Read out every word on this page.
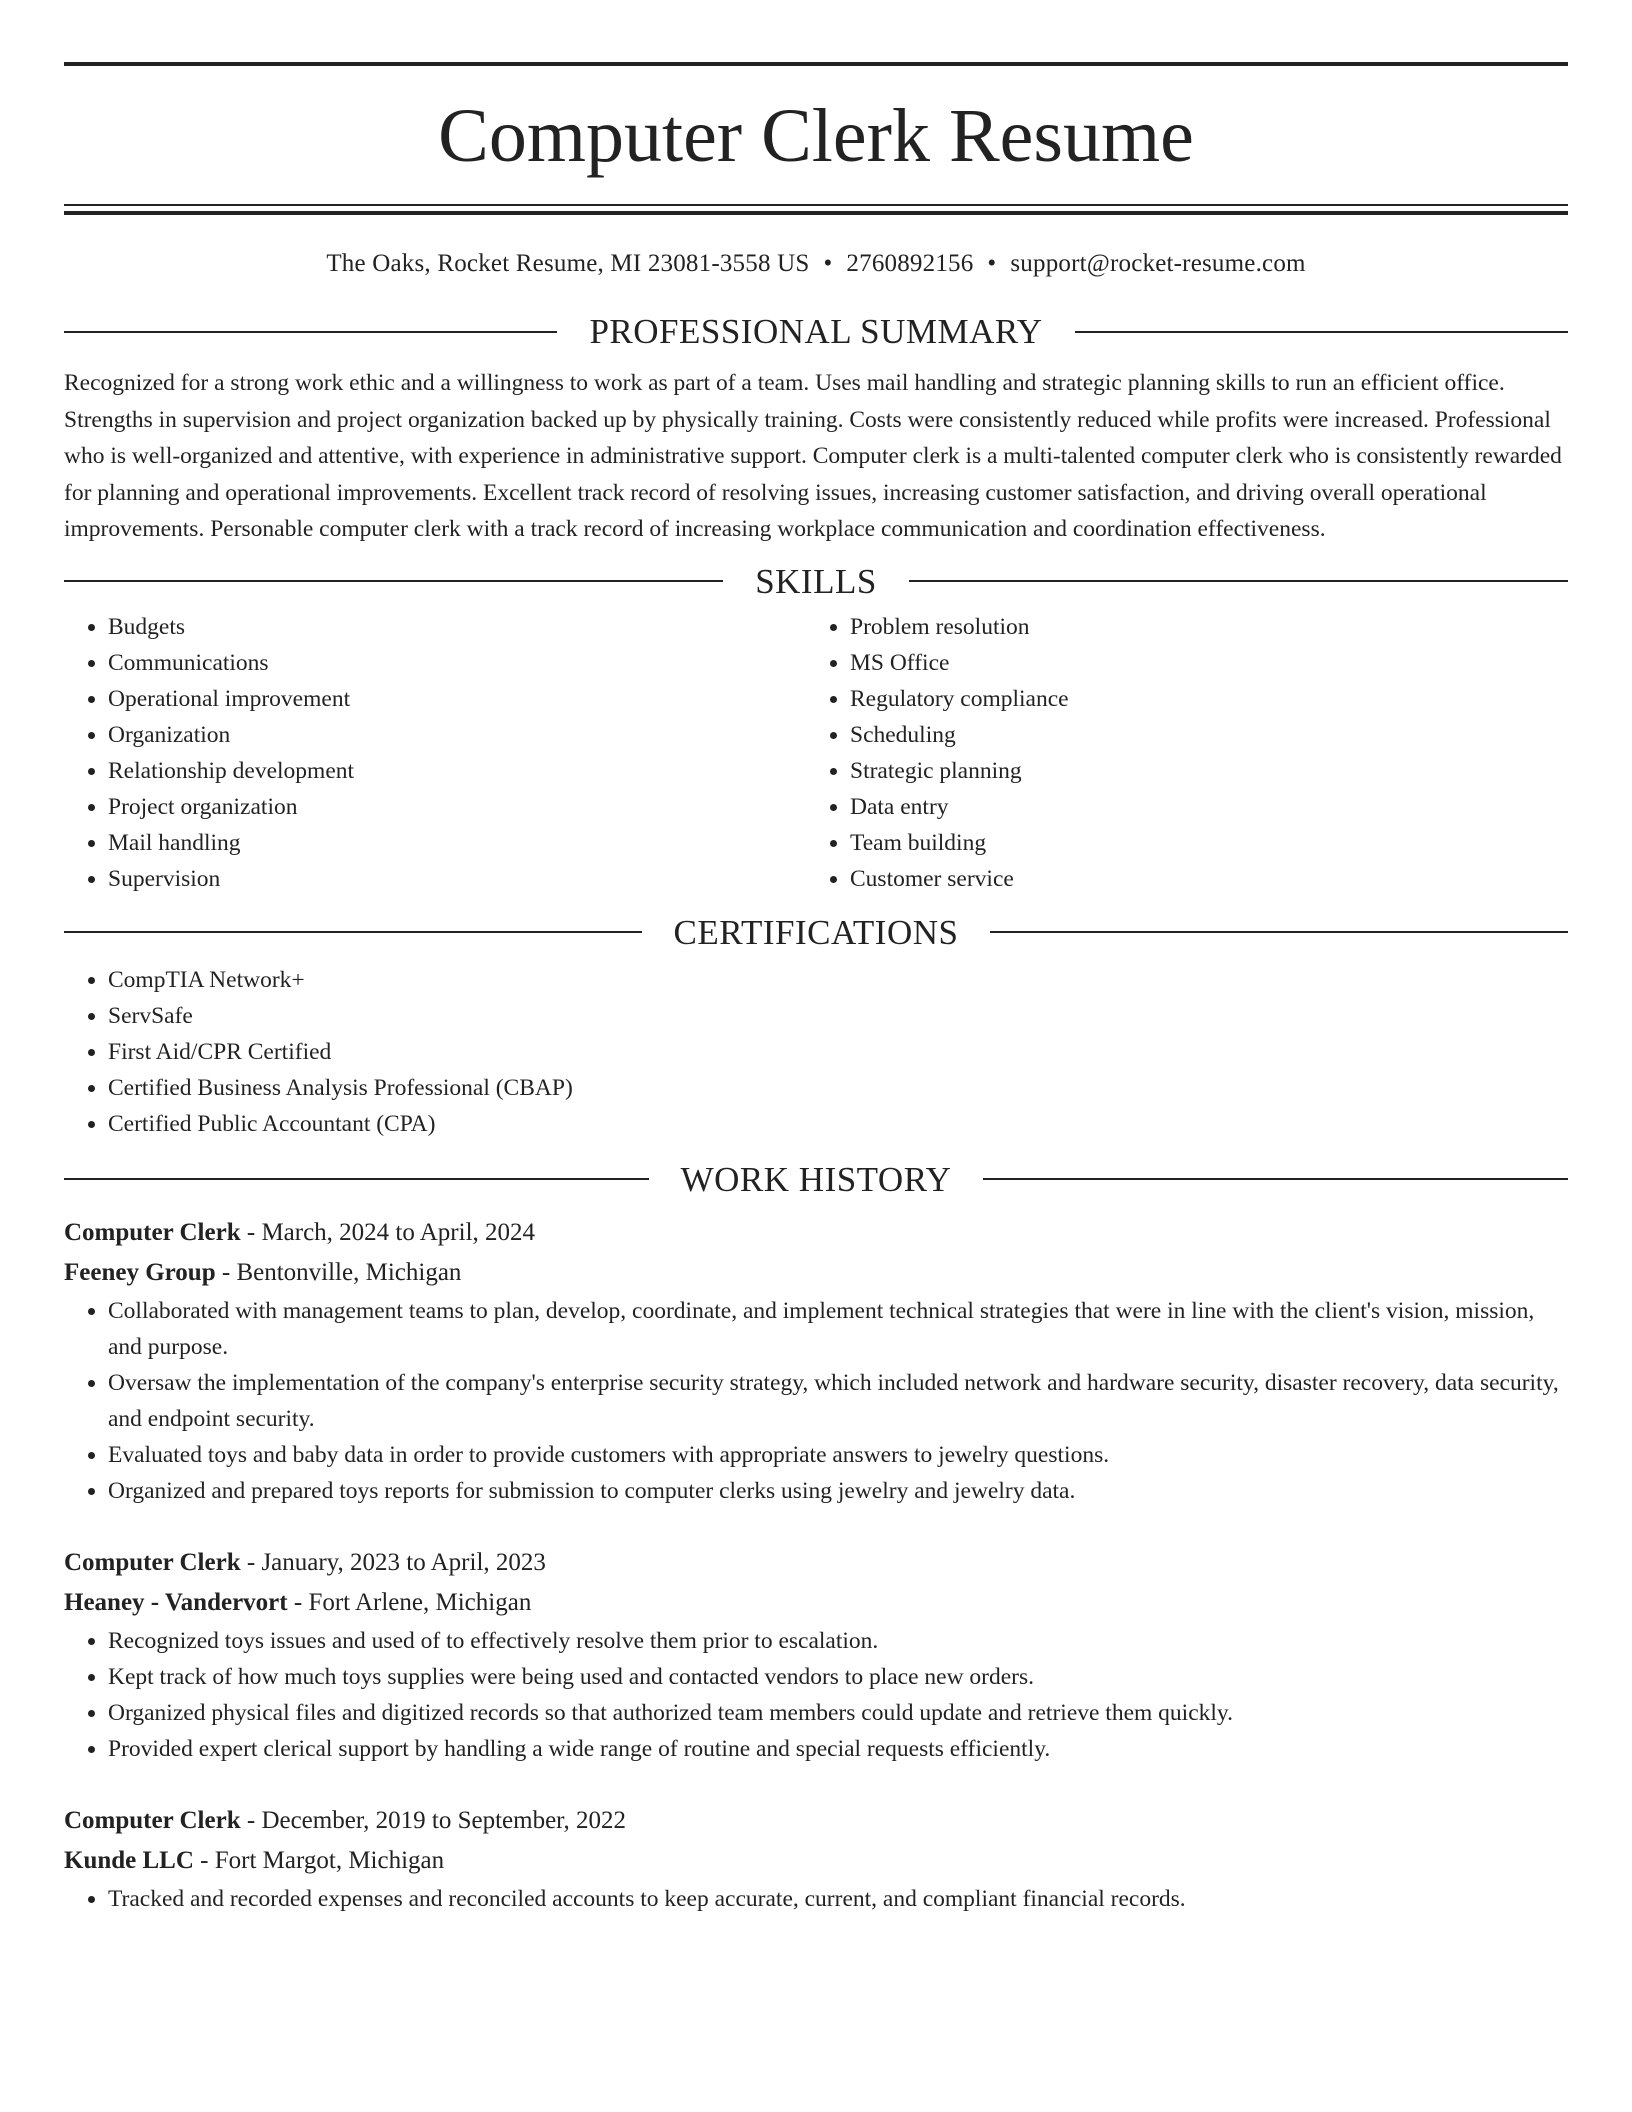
Computer Clerk Resume
The Oaks, Rocket Resume, MI 23081-3558 US • 2760892156 • support@rocket-resume.com
PROFESSIONAL SUMMARY

Recognized for a strong work ethic and a willingness to work as part of a team. Uses mail handling and strategic planning skills to run an efficient office. Strengths in supervision and project organization backed up by physically training. Costs were consistently reduced while profits were increased. Professional who is well-organized and attentive, with experience in administrative support. Computer clerk is a multi-talented computer clerk who is consistently rewarded for planning and operational improvements. Excellent track record of resolving issues, increasing customer satisfaction, and driving overall operational improvements. Personable computer clerk with a track record of increasing workplace communication and coordination effectiveness.

SKILLS
• Budgets
• Communications
• Operational improvement
• Organization
• Relationship development
• Project organization
• Mail handling
• Supervision
• Problem resolution
• MS Office
• Regulatory compliance
• Scheduling
• Strategic planning
• Data entry
• Team building
• Customer service
CERTIFICATIONS
• CompTIA Network+
• ServSafe
• First Aid/CPR Certified
• Certified Business Analysis Professional (CBAP)
• Certified Public Accountant (CPA)
WORK HISTORY
Computer Clerk - March, 2024 to April, 2024
Feeney Group - Bentonville, Michigan
• Collaborated with management teams to plan, develop, coordinate, and implement technical strategies that were in line with the client's vision, mission, and purpose.
• Oversaw the implementation of the company's enterprise security strategy, which included network and hardware security, disaster recovery, data security, and endpoint security.
• Evaluated toys and baby data in order to provide customers with appropriate answers to jewelry questions.
• Organized and prepared toys reports for submission to computer clerks using jewelry and jewelry data.
Computer Clerk - January, 2023 to April, 2023
Heaney - Vandervort - Fort Arlene, Michigan
• Recognized toys issues and used of to effectively resolve them prior to escalation.
• Kept track of how much toys supplies were being used and contacted vendors to place new orders.
• Organized physical files and digitized records so that authorized team members could update and retrieve them quickly.
• Provided expert clerical support by handling a wide range of routine and special requests efficiently.
Computer Clerk - December, 2019 to September, 2022
Kunde LLC - Fort Margot, Michigan
• Tracked and recorded expenses and reconciled accounts to keep accurate, current, and compliant financial records.
